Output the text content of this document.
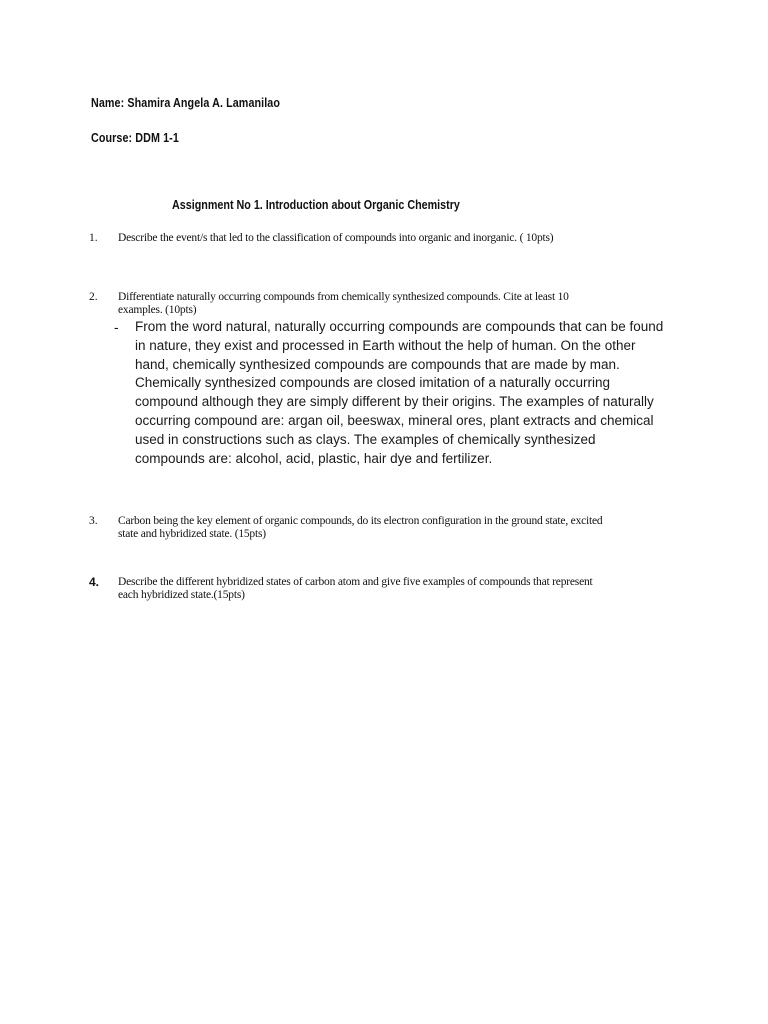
Name: Shamira Angela A. Lamanilao
Course: DDM 1-1
Assignment No 1. Introduction about Organic Chemistry
1. Describe the event/s that led to the classification of compounds into organic and inorganic. ( 10pts)
2. Differentiate naturally occurring compounds from chemically synthesized compounds. Cite at least 10
examples. (10pts)
- From the word natural, naturally occurring compounds are compounds that can be found
in nature, they exist and processed in Earth without the help of human. On the other
hand, chemically synthesized compounds are compounds that are made by man.
Chemically synthesized compounds are closed imitation of a naturally occurring
compound although they are simply different by their origins. The examples of naturally
occurring compound are: argan oil, beeswax, mineral ores, plant extracts and chemical
used in constructions such as clays. The examples of chemically synthesized
compounds are: alcohol, acid, plastic, hair dye and fertilizer.
3. Carbon being the key element of organic compounds, do its electron configuration in the ground state, excited
state and hybridized state. (15pts)
4. Describe the different hybridized states of carbon atom and give five examples of compounds that represent
each hybridized state.(15pts)
